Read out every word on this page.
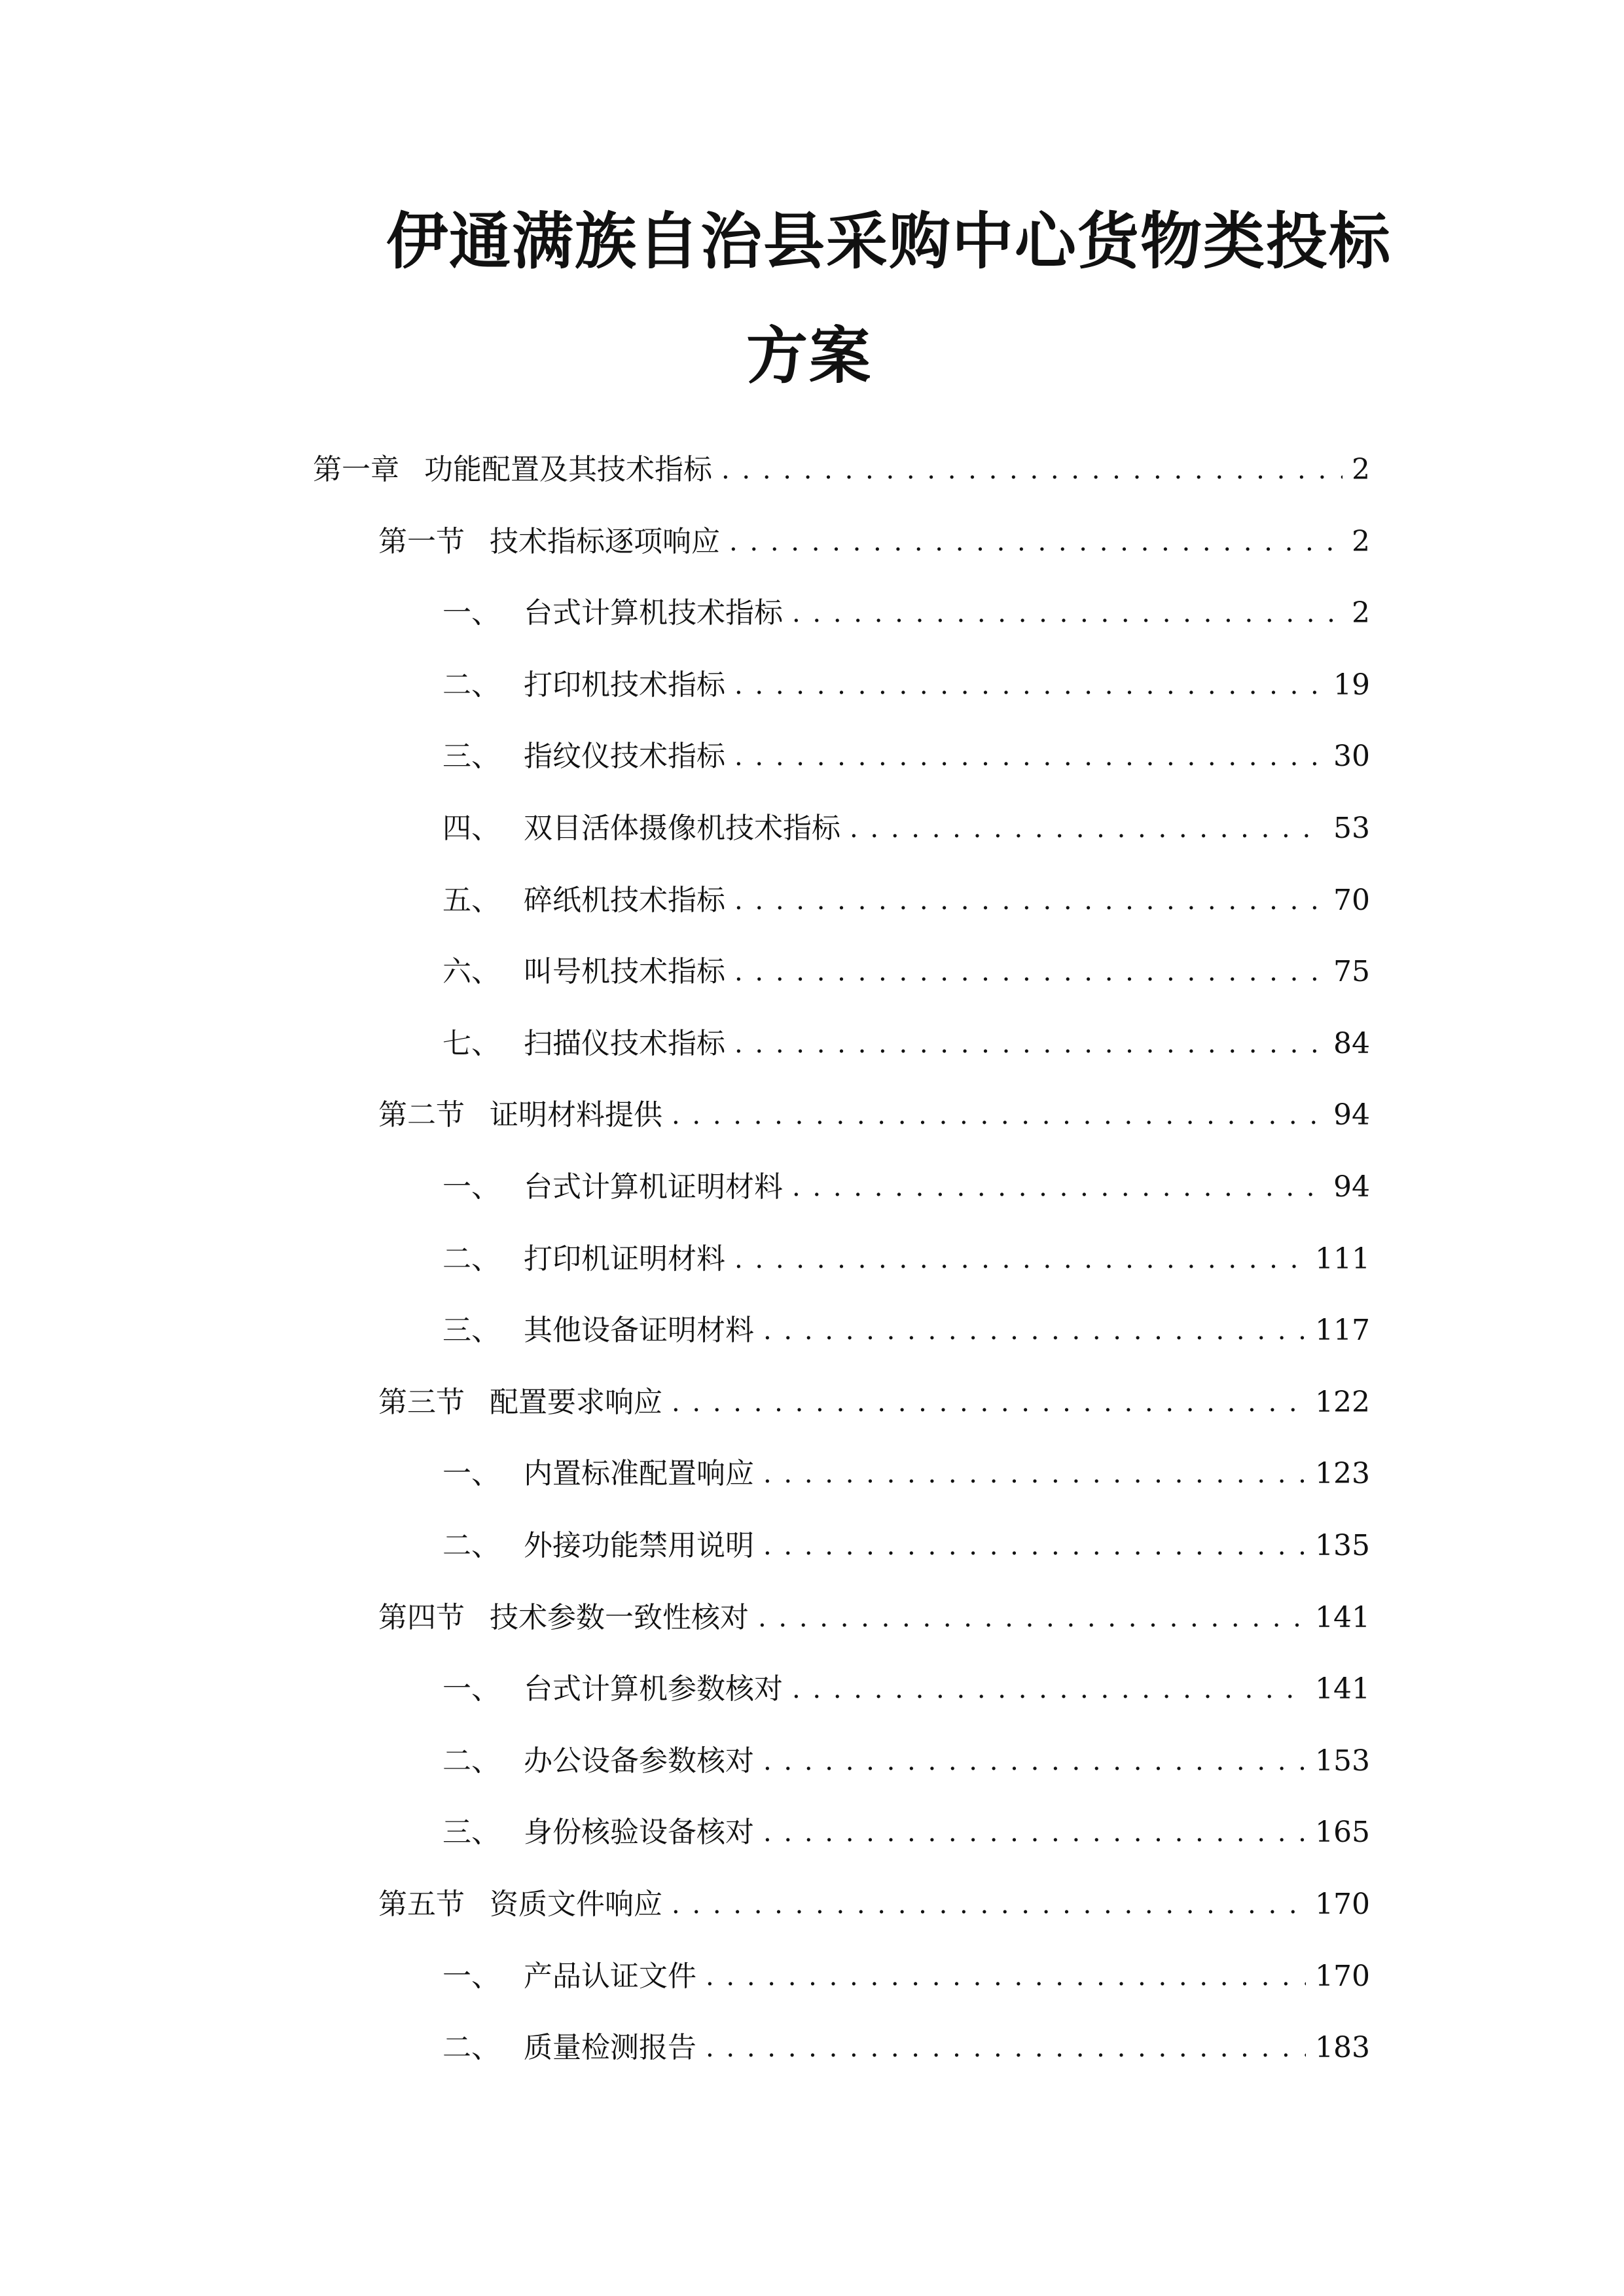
伊通满族自治县采购中心货物类投标
方案
第一章 功能配置及其技术指标 . . .	2
第一节 技术指标逐项响应 . . .	2
一、 台式计算机技术指标 . . .	2
二、 打印机技术指标 . . .	19
三、 指纹仪技术指标 . . .	30
四、 双目活体摄像机技术指标 . . .	53
五、 碎纸机技术指标 . . .	70
六、 叫号机技术指标 . . .	75
七、 扫描仪技术指标 . . .	84
第二节 证明材料提供 . . .	94
一、 台式计算机证明材料 . . .	94
二、 打印机证明材料 . . .	111
三、 其他设备证明材料 . . .	117
第三节 配置要求响应 . . .	122
一、 内置标准配置响应 . . .	123
二、 外接功能禁用说明 . . .	135
第四节 技术参数一致性核对 . . .	141
一、 台式计算机参数核对 . . .	141
二、 办公设备参数核对 . . .	153
三、 身份核验设备核对 . . .	165
第五节 资质文件响应 . . .	170
一、 产品认证文件 . . .	170
二、 质量检测报告 . . .	183
